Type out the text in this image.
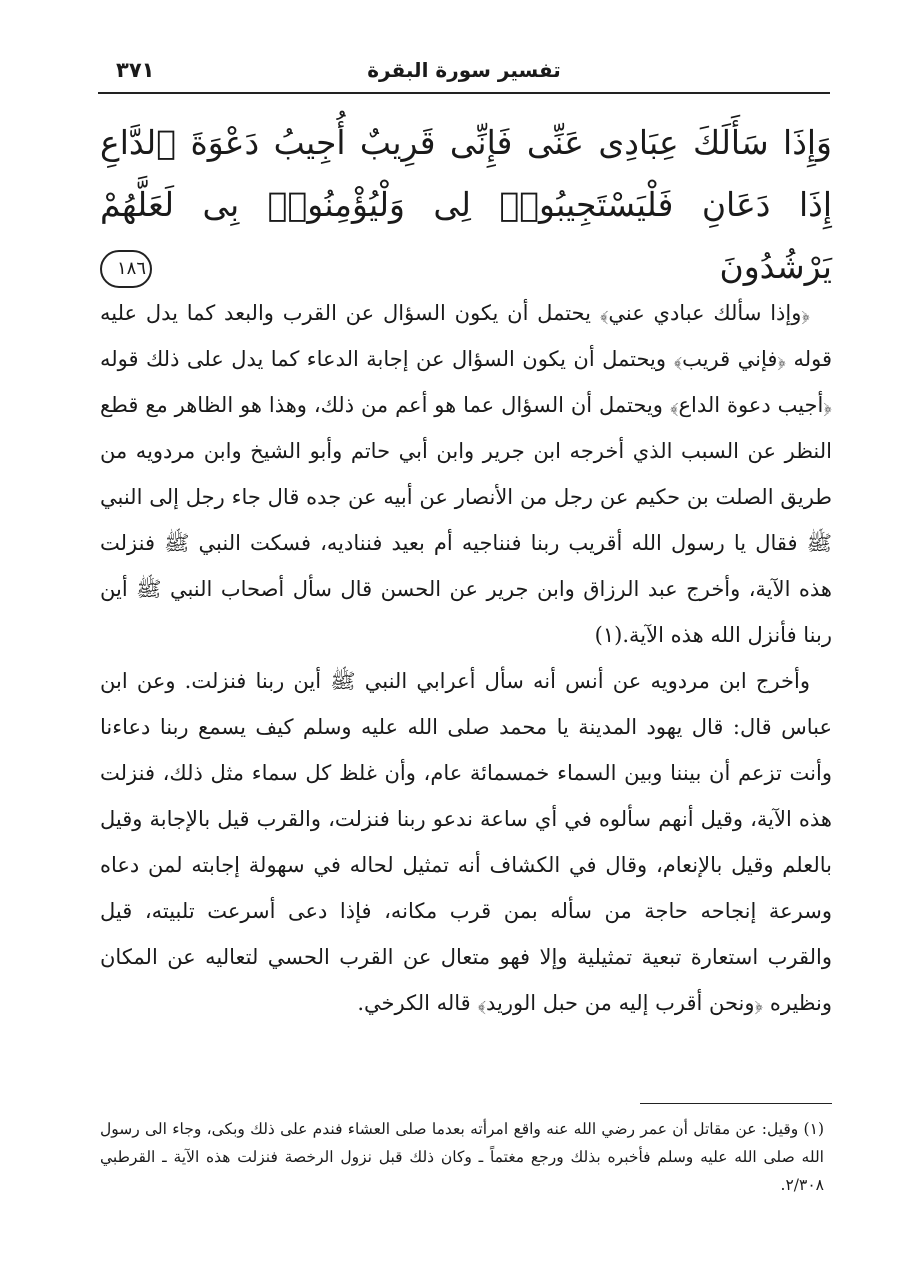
٣٧١	تفسير سورة البقرة
وَإِذَا سَأَلَكَ عِبَادِى عَنِّى فَإِنِّى قَرِيبٌ أُجِيبُ دَعْوَةَ ٱلدَّاعِ إِذَا دَعَانِ فَلْيَسْتَجِيبُوا۟ لِى وَلْيُؤْمِنُوا۟ بِى لَعَلَّهُمْ يَرْشُدُونَ ١٨٦

﴿وإذا سألك عبادي عني﴾ يحتمل أن يكون السؤال عن القرب والبعد كما يدل عليه قوله ﴿فإني قريب﴾ ويحتمل أن يكون السؤال عن إجابة الدعاء كما يدل على ذلك قوله ﴿أجيب دعوة الداع﴾ ويحتمل أن السؤال عما هو أعم من ذلك، وهذا هو الظاهر مع قطع النظر عن السبب الذي أخرجه ابن جرير وابن أبي حاتم وأبو الشيخ وابن مردويه من طريق الصلت بن حكيم عن رجل من الأنصار عن أبيه عن جده قال جاء رجل إلى النبي ﷺ فقال يا رسول الله أقريب ربنا فنناجيه أم بعيد فنناديه، فسكت النبي ﷺ فنزلت هذه الآية، وأخرج عبد الرزاق وابن جرير عن الحسن قال سأل أصحاب النبي ﷺ أين ربنا فأنزل الله هذه الآية.(١)

وأخرج ابن مردويه عن أنس أنه سأل أعرابي النبي ﷺ أين ربنا فنزلت. وعن ابن عباس قال: قال يهود المدينة يا محمد صلى الله عليه وسلم كيف يسمع ربنا دعاءنا وأنت تزعم أن بيننا وبين السماء خمسمائة عام، وأن غلظ كل سماء مثل ذلك، فنزلت هذه الآية، وقيل أنهم سألوه في أي ساعة ندعو ربنا فنزلت، والقرب قيل بالإجابة وقيل بالعلم وقيل بالإنعام، وقال في الكشاف أنه تمثيل لحاله في سهولة إجابته لمن دعاه وسرعة إنجاحه حاجة من سأله بمن قرب مكانه، فإذا دعى أسرعت تلبيته، قيل والقرب استعارة تبعية تمثيلية وإلا فهو متعال عن القرب الحسي لتعاليه عن المكان ونظيره ﴿ونحن أقرب إليه من حبل الوريد﴾ قاله الكرخي.

(١) وقيل: عن مقاتل أن عمر رضي الله عنه واقع امرأته بعدما صلى العشاء فندم على ذلك وبكى، وجاء الى رسول الله صلى الله عليه وسلم فأخبره بذلك ورجع مغتماً ـ وكان ذلك قبل نزول الرخصة فنزلت هذه الآية ـ القرطبي ٢/٣٠٨.
